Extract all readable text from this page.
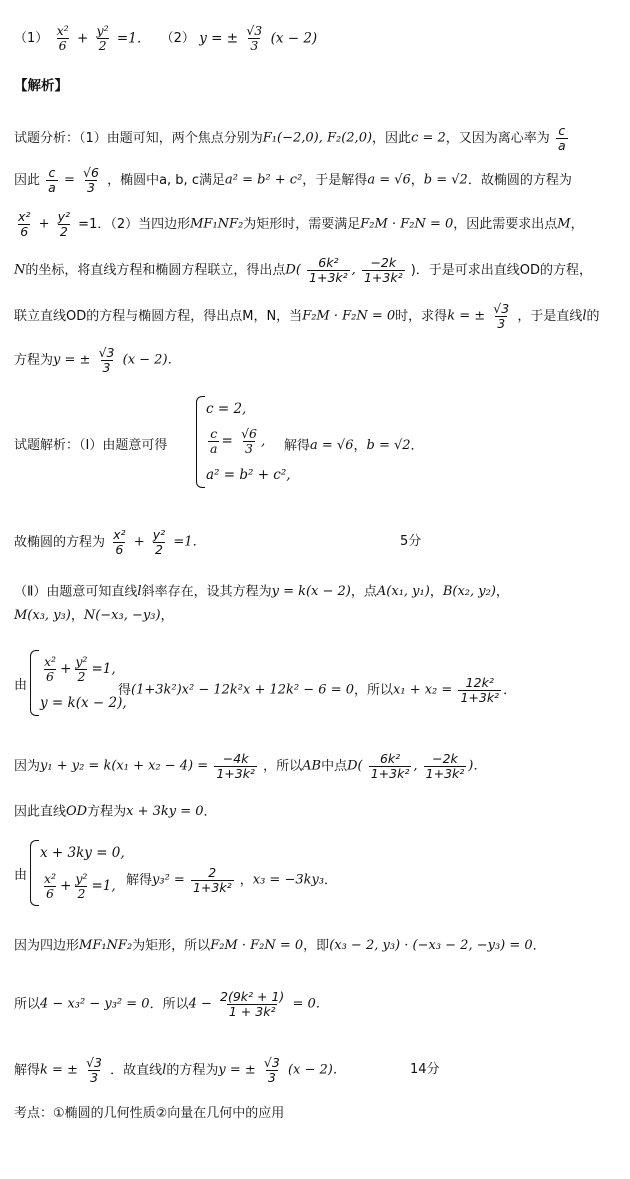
$(1) \frac{\text{x²}}{6} + \frac{\text{y²}}{2} =1$． （2） y = ± $\frac{√3}{3} (x - 2)$
【解析】
试题分析：（1）由题可知，两个焦点分别为F₁(−2,0), F₂(2,0)，因此c = 2，又因为离心率为 $\frac{c}{a}$
因此 $\frac{c}{a} = \frac{√6}{3}$ ，椭圆中a, b, c满足a² = b² + c²，于是解得a = √6，b = √2．故椭圆的方程为
$\frac{\text{x²}}{6} + \frac{\text{y²}}{2} =1$．（2）当四边形MF₁NF₂为矩形时，需要满足F₂M · F₂N = 0，因此需要求出点M，
N的坐标，将直线方程和椭圆方程联立，得出点$D( \frac{\text{6k²}}{\text{1+3k²}}$ , $\frac{-2k}{\text{1+3k²}}$ )．于是可求出直线OD的方程，
联立直线OD的方程与椭圆方程，得出点M，N，当F₂M · F₂N = 0时，求得k = ± $\frac{√3}{3}$ ，于是直线l的
方程为y = ± $\frac{√3}{3} (x - 2)$．
试题解析：（Ⅰ）由题意可得
c = 2,
$\frac{c}{a} = \frac{√6}{3}$ ,
a² = b² + c²,
解得a = √6，b = √2．
故椭圆的方程为 $\frac{\text{x²}}{6} + \frac{\text{y²}}{2} =1$．	5分
（Ⅱ）由题意可知直线l斜率存在，设其方程为y = k(x − 2)，点A(x₁, y₁)，B(x₂, y₂)，
M(x₃, y₃)，N(−x₃, −y₃)，
由
$\frac{\text{x²}}{6} + \frac{\text{y²}}{2} =1$,
y = k(x − 2),
得(1+3k²)x² − 12k²x + 12k² − 6 = 0，所以$x_1 + x_2 = \frac{\text{12k²}}{\text{1+3k²}}$ ．
因为$y_1 + y_2 = k(x_1 + x_2 - 4) = \frac{-4k}{\text{1+3k²}}$ ，所以AB中点$D( \frac{\text{6k²}}{\text{1+3k²}}$ , $\frac{-2k}{\text{1+3k²}}$ )．
因此直线OD方程为x + 3ky = 0．
由
x + 3ky = 0,
$\frac{\text{x²}}{6} + \frac{\text{y²}}{2} =1$, 解得$y_3^2 = \frac{2}{\text{1+3k²}}$ ，x₃ = −3ky₃．
因为四边形MF₁NF₂为矩形，所以F₂M · F₂N = 0，即(x₃ − 2, y₃) · (−x₃ − 2, −y₃) = 0．
所以4 − x₃² − y₃² = 0．所以$4 - \frac{\text{2(9k² + 1)}}{\text{1 + 3k²}} = 0$．
解得k = ± $\frac{√3}{3}$ ．故直线l的方程为y = ± $\frac{√3}{3} (x - 2)$．	14分
考点：①椭圆的几何性质②向量在几何中的应用
